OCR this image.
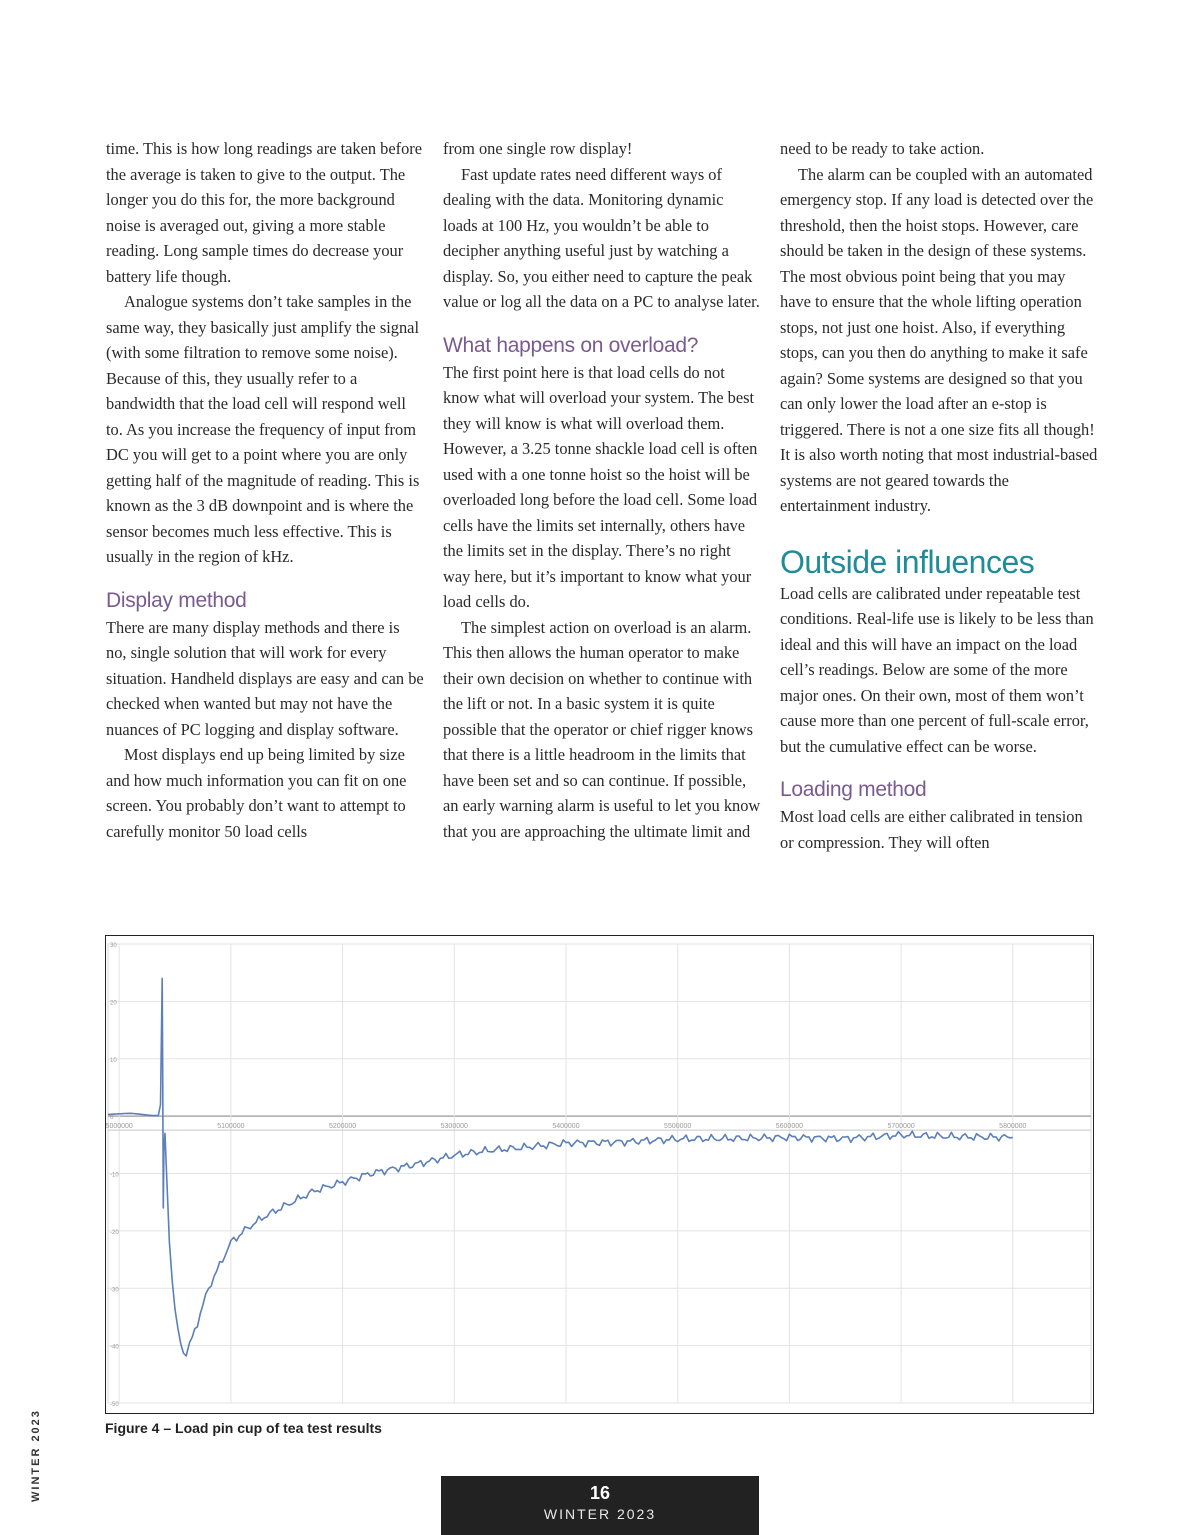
time. This is how long readings are taken before the average is taken to give to the output. The longer you do this for, the more background noise is averaged out, giving a more stable reading. Long sample times do decrease your battery life though.

Analogue systems don’t take samples in the same way, they basically just amplify the signal (with some filtration to remove some noise). Because of this, they usually refer to a bandwidth that the load cell will respond well to. As you increase the frequency of input from DC you will get to a point where you are only getting half of the magnitude of reading. This is known as the 3 dB downpoint and is where the sensor becomes much less effective. This is usually in the region of kHz.

Display method

There are many display methods and there is no, single solution that will work for every situation. Handheld displays are easy and can be checked when wanted but may not have the nuances of PC logging and display software.

Most displays end up being limited by size and how much information you can fit on one screen. You probably don’t want to attempt to carefully monitor 50 load cells

from one single row display!

Fast update rates need different ways of dealing with the data. Monitoring dynamic loads at 100 Hz, you wouldn’t be able to decipher anything useful just by watching a display. So, you either need to capture the peak value or log all the data on a PC to analyse later.

What happens on overload?

The first point here is that load cells do not know what will overload your system. The best they will know is what will overload them. However, a 3.25 tonne shackle load cell is often used with a one tonne hoist so the hoist will be overloaded long before the load cell. Some load cells have the limits set internally, others have the limits set in the display. There’s no right way here, but it’s important to know what your load cells do.

The simplest action on overload is an alarm. This then allows the human operator to make their own decision on whether to continue with the lift or not. In a basic system it is quite possible that the operator or chief rigger knows that there is a little headroom in the limits that have been set and so can continue. If possible, an early warning alarm is useful to let you know that you are approaching the ultimate limit and

need to be ready to take action.

The alarm can be coupled with an automated emergency stop. If any load is detected over the threshold, then the hoist stops. However, care should be taken in the design of these systems. The most obvious point being that you may have to ensure that the whole lifting operation stops, not just one hoist. Also, if everything stops, can you then do anything to make it safe again? Some systems are designed so that you can only lower the load after an e-stop is triggered. There is not a one size fits all though! It is also worth noting that most industrial-based systems are not geared towards the entertainment industry.

Outside influences

Load cells are calibrated under repeatable test conditions. Real-life use is likely to be less than ideal and this will have an impact on the load cell’s readings. Below are some of the more major ones. On their own, most of them won’t cause more than one percent of full-scale error, but the cumulative effect can be worse.

Loading method

Most load cells are either calibrated in tension or compression. They will often

30
20
10
0
-10
-20
-30
-40
-50
5000000	5100000	5200000	5300000	5400000	5500000	5600000	5700000	5800000
Figure 4 – Load pin cup of tea test results
WINTER 2023	16
WINTER 2023
